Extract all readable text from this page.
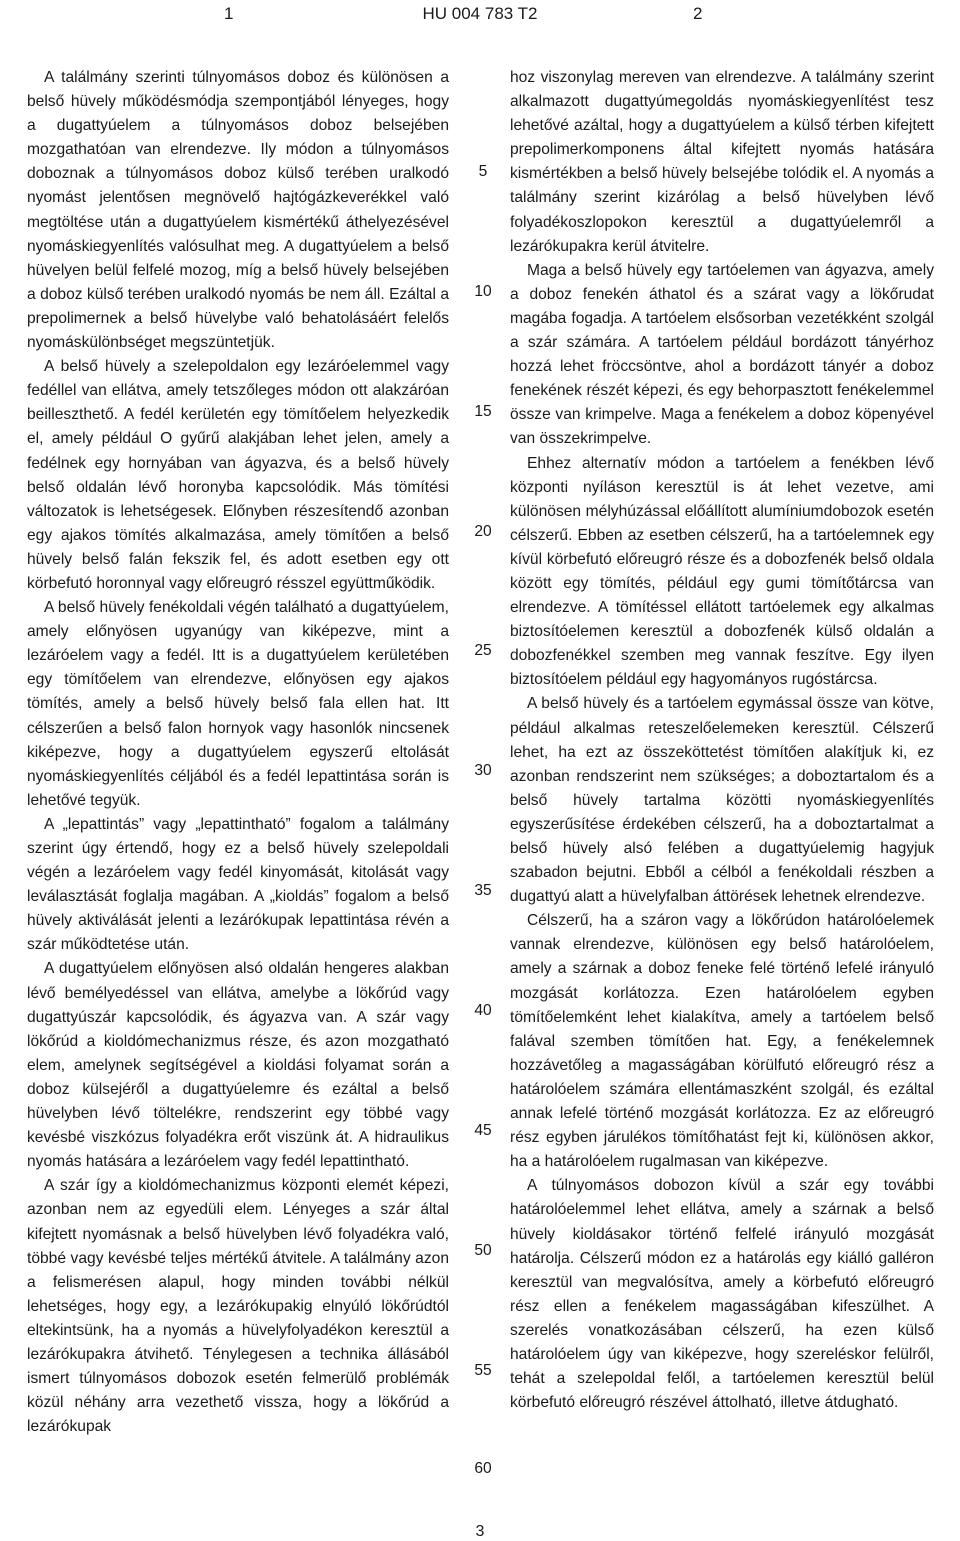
1	HU 004 783 T2	2

A találmány szerinti túlnyomásos doboz és különösen a belső hüvely működésmódja szempontjából lényeges, hogy a dugattyúelem a túlnyomásos doboz belsejében mozgathatóan van elrendezve. Ily módon a túlnyomásos doboznak a túlnyomásos doboz külső terében uralkodó nyomást jelentősen megnövelő hajtógázkeverékkel való megtöltése után a dugattyúelem kismértékű áthelyezésével nyomáskiegyenlítés valósulhat meg. A dugattyúelem a belső hüvelyen belül felfelé mozog, míg a belső hüvely belsejében a doboz külső terében uralkodó nyomás be nem áll. Ezáltal a prepolimernek a belső hüvelybe való behatolásáért felelős nyomáskülönbséget megszüntetjük.

A belső hüvely a szelepoldalon egy lezáróelemmel vagy fedéllel van ellátva, amely tetszőleges módon ott alakzáróan beilleszthető. A fedél kerületén egy tömítőelem helyezkedik el, amely például O gyűrű alakjában lehet jelen, amely a fedélnek egy hornyában van ágyazva, és a belső hüvely belső oldalán lévő horonyba kapcsolódik. Más tömítési változatok is lehetségesek. Előnyben részesítendő azonban egy ajakos tömítés alkalmazása, amely tömítően a belső hüvely belső falán fekszik fel, és adott esetben egy ott körbefutó horonnyal vagy előreugró résszel együttműködik.

A belső hüvely fenékoldali végén található a dugattyúelem, amely előnyösen ugyanúgy van kiképezve, mint a lezáróelem vagy a fedél. Itt is a dugattyúelem kerületében egy tömítőelem van elrendezve, előnyösen egy ajakos tömítés, amely a belső hüvely belső fala ellen hat. Itt célszerűen a belső falon hornyok vagy hasonlók nincsenek kiképezve, hogy a dugattyúelem egyszerű eltolását nyomáskiegyenlítés céljából és a fedél lepattintása során is lehetővé tegyük.

A „lepattintás” vagy „lepattintható” fogalom a találmány szerint úgy értendő, hogy ez a belső hüvely szelepoldali végén a lezáróelem vagy fedél kinyomását, kitolását vagy leválasztását foglalja magában. A „kioldás” fogalom a belső hüvely aktiválását jelenti a lezárókupak lepattintása révén a szár működtetése után.

A dugattyúelem előnyösen alsó oldalán hengeres alakban lévő bemélyedéssel van ellátva, amelybe a lökőrúd vagy dugattyúszár kapcsolódik, és ágyazva van. A szár vagy lökőrúd a kioldómechanizmus része, és azon mozgatható elem, amelynek segítségével a kioldási folyamat során a doboz külsejéről a dugattyúelemre és ezáltal a belső hüvelyben lévő töltelékre, rendszerint egy többé vagy kevésbé viszkózus folyadékra erőt viszünk át. A hidraulikus nyomás hatására a lezáróelem vagy fedél lepattintható.

A szár így a kioldómechanizmus központi elemét képezi, azonban nem az egyedüli elem. Lényeges a szár által kifejtett nyomásnak a belső hüvelyben lévő folyadékra való, többé vagy kevésbé teljes mértékű átvitele. A találmány azon a felismerésen alapul, hogy minden további nélkül lehetséges, hogy egy, a lezárókupakig elnyúló lökőrúdtól eltekintsünk, ha a nyomás a hüvelyfolyadékon keresztül a lezárókupakra átvihető. Ténylegesen a technika állásából ismert túlnyomásos dobozok esetén felmerülő problémák közül néhány arra vezethető vissza, hogy a lökőrúd a lezárókupak

hoz viszonylag mereven van elrendezve. A találmány szerint alkalmazott dugattyúmegoldás nyomáskiegyenlítést tesz lehetővé azáltal, hogy a dugattyúelem a külső térben kifejtett prepolimerkomponens által kifejtett nyomás hatására kismértékben a belső hüvely belsejébe tolódik el. A nyomás a találmány szerint kizárólag a belső hüvelyben lévő folyadékoszlopokon keresztül a dugattyúelemről a lezárókupakra kerül átvitelre.

Maga a belső hüvely egy tartóelemen van ágyazva, amely a doboz fenekén áthatol és a szárat vagy a lökőrudat magába fogadja. A tartóelem elsősorban vezetékként szolgál a szár számára. A tartóelem például bordázott tányérhoz hozzá lehet fröccsöntve, ahol a bordázott tányér a doboz fenekének részét képezi, és egy behorpasztott fenékelemmel össze van krimpelve. Maga a fenékelem a doboz köpenyével van összekrimpelve.

Ehhez alternatív módon a tartóelem a fenékben lévő központi nyíláson keresztül is át lehet vezetve, ami különösen mélyhúzással előállított alumíniumdobozok esetén célszerű. Ebben az esetben célszerű, ha a tartóelemnek egy kívül körbefutó előreugró része és a dobozfenék belső oldala között egy tömítés, például egy gumi tömítőtárcsa van elrendezve. A tömítéssel ellátott tartóelemek egy alkalmas biztosítóelemen keresztül a dobozfenék külső oldalán a dobozfenékkel szemben meg vannak feszítve. Egy ilyen biztosítóelem például egy hagyományos rugóstárcsa.

A belső hüvely és a tartóelem egymással össze van kötve, például alkalmas reteszelőelemeken keresztül. Célszerű lehet, ha ezt az összeköttetést tömítően alakítjuk ki, ez azonban rendszerint nem szükséges; a doboztartalom és a belső hüvely tartalma közötti nyomáskiegyenlítés egyszerűsítése érdekében célszerű, ha a doboztartalmat a belső hüvely alsó felében a dugattyúelemig hagyjuk szabadon bejutni. Ebből a célból a fenékoldali részben a dugattyú alatt a hüvelyfalban áttörések lehetnek elrendezve.

Célszerű, ha a száron vagy a lökőrúdon határolóelemek vannak elrendezve, különösen egy belső határolóelem, amely a szárnak a doboz feneke felé történő lefelé irányuló mozgását korlátozza. Ezen határolóelem egyben tömítőelemként lehet kialakítva, amely a tartóelem belső falával szemben tömítően hat. Egy, a fenékelemnek hozzávetőleg a magasságában körülfutó előreugró rész a határolóelem számára ellentámaszként szolgál, és ezáltal annak lefelé történő mozgását korlátozza. Ez az előreugró rész egyben járulékos tömítőhatást fejt ki, különösen akkor, ha a határolóelem rugalmasan van kiképezve.

A túlnyomásos dobozon kívül a szár egy további határolóelemmel lehet ellátva, amely a szárnak a belső hüvely kioldásakor történő felfelé irányuló mozgását határolja. Célszerű módon ez a határolás egy kiálló galléron keresztül van megvalósítva, amely a körbefutó előreugró rész ellen a fenékelem magasságában kifeszülhet. A szerelés vonatkozásában célszerű, ha ezen külső határolóelem úgy van kiképezve, hogy szereléskor felülről, tehát a szelepoldal felől, a tartóelemen keresztül belül körbefutó előreugró részével áttolható, illetve átdugható.

5
10
15
20
25
30
35
40
45
50
55
60
3
